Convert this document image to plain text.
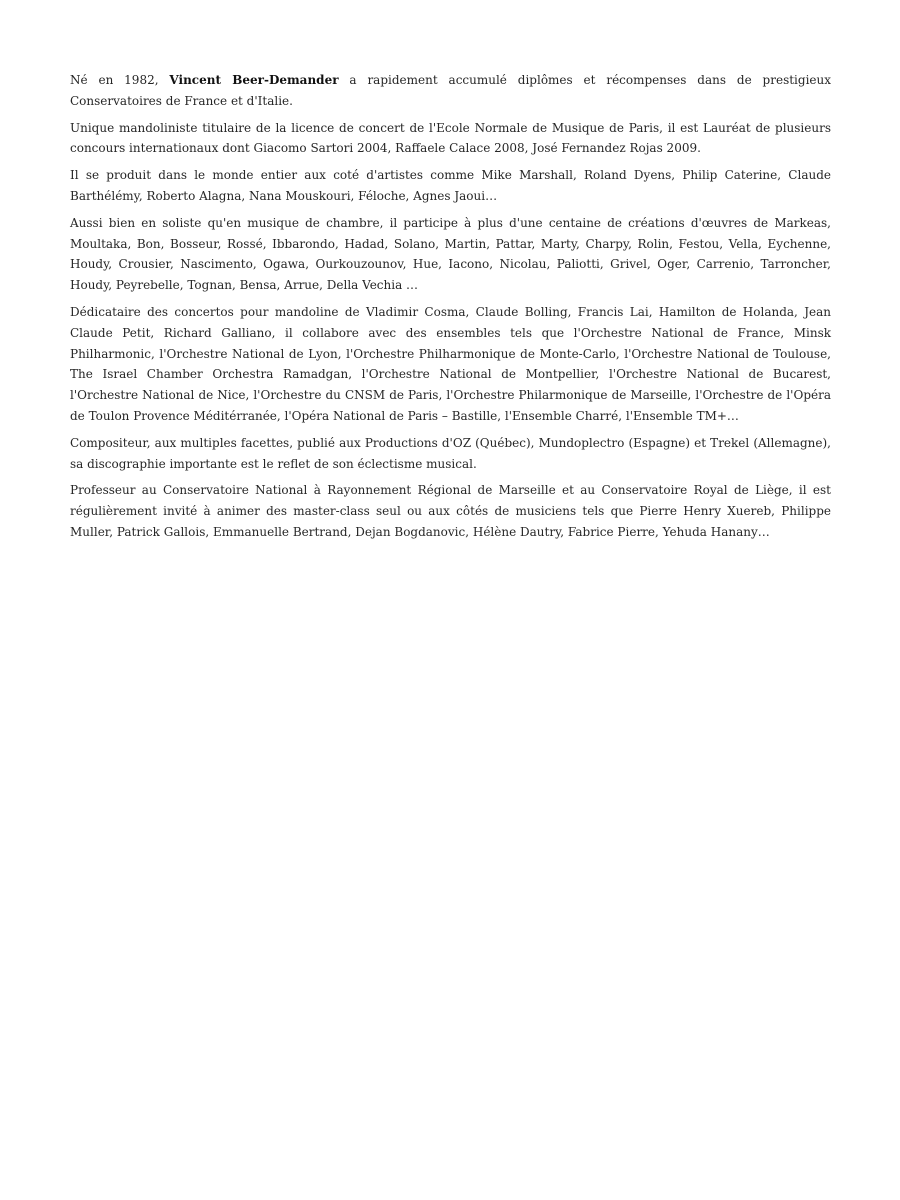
Né en 1982, Vincent Beer-Demander a rapidement accumulé diplômes et récompenses dans de prestigieux Conservatoires de France et d'Italie.

Unique mandoliniste titulaire de la licence de concert de l'Ecole Normale de Musique de Paris, il est Lauréat de plusieurs concours internationaux dont Giacomo Sartori 2004, Raffaele Calace 2008, José Fernandez Rojas 2009.

Il se produit dans le monde entier aux coté d'artistes comme Mike Marshall, Roland Dyens, Philip Caterine, Claude Barthélémy, Roberto Alagna, Nana Mouskouri, Féloche, Agnes Jaoui…

Aussi bien en soliste qu'en musique de chambre, il participe à plus d'une centaine de créations d'œuvres de Markeas, Moultaka, Bon, Bosseur, Rossé, Ibbarondo, Hadad, Solano, Martin, Pattar, Marty, Charpy, Rolin, Festou, Vella, Eychenne, Houdy, Crousier, Nascimento, Ogawa, Ourkouzounov, Hue, Iacono, Nicolau, Paliotti, Grivel, Oger, Carrenio, Tarroncher, Houdy, Peyrebelle, Tognan, Bensa, Arrue, Della Vechia …

Dédicataire des concertos pour mandoline de Vladimir Cosma, Claude Bolling, Francis Lai, Hamilton de Holanda, Jean Claude Petit, Richard Galliano, il collabore avec des ensembles tels que l'Orchestre National de France, Minsk Philharmonic, l'Orchestre National de Lyon, l'Orchestre Philharmonique de Monte-Carlo, l'Orchestre National de Toulouse, The Israel Chamber Orchestra Ramadgan, l'Orchestre National de Montpellier, l'Orchestre National de Bucarest, l'Orchestre National de Nice, l'Orchestre du CNSM de Paris, l'Orchestre Philarmonique de Marseille, l'Orchestre de l'Opéra de Toulon Provence Méditérranée, l'Opéra National de Paris – Bastille, l'Ensemble Charré, l'Ensemble TM+…

Compositeur, aux multiples facettes, publié aux Productions d'OZ (Québec), Mundoplectro (Espagne) et Trekel (Allemagne), sa discographie importante est le reflet de son éclectisme musical.

Professeur au Conservatoire National à Rayonnement Régional de Marseille et au Conservatoire Royal de Liège, il est régulièrement invité à animer des master-class seul ou aux côtés de musiciens tels que Pierre Henry Xuereb, Philippe Muller, Patrick Gallois, Emmanuelle Bertrand, Dejan Bogdanovic, Hélène Dautry, Fabrice Pierre, Yehuda Hanany…
